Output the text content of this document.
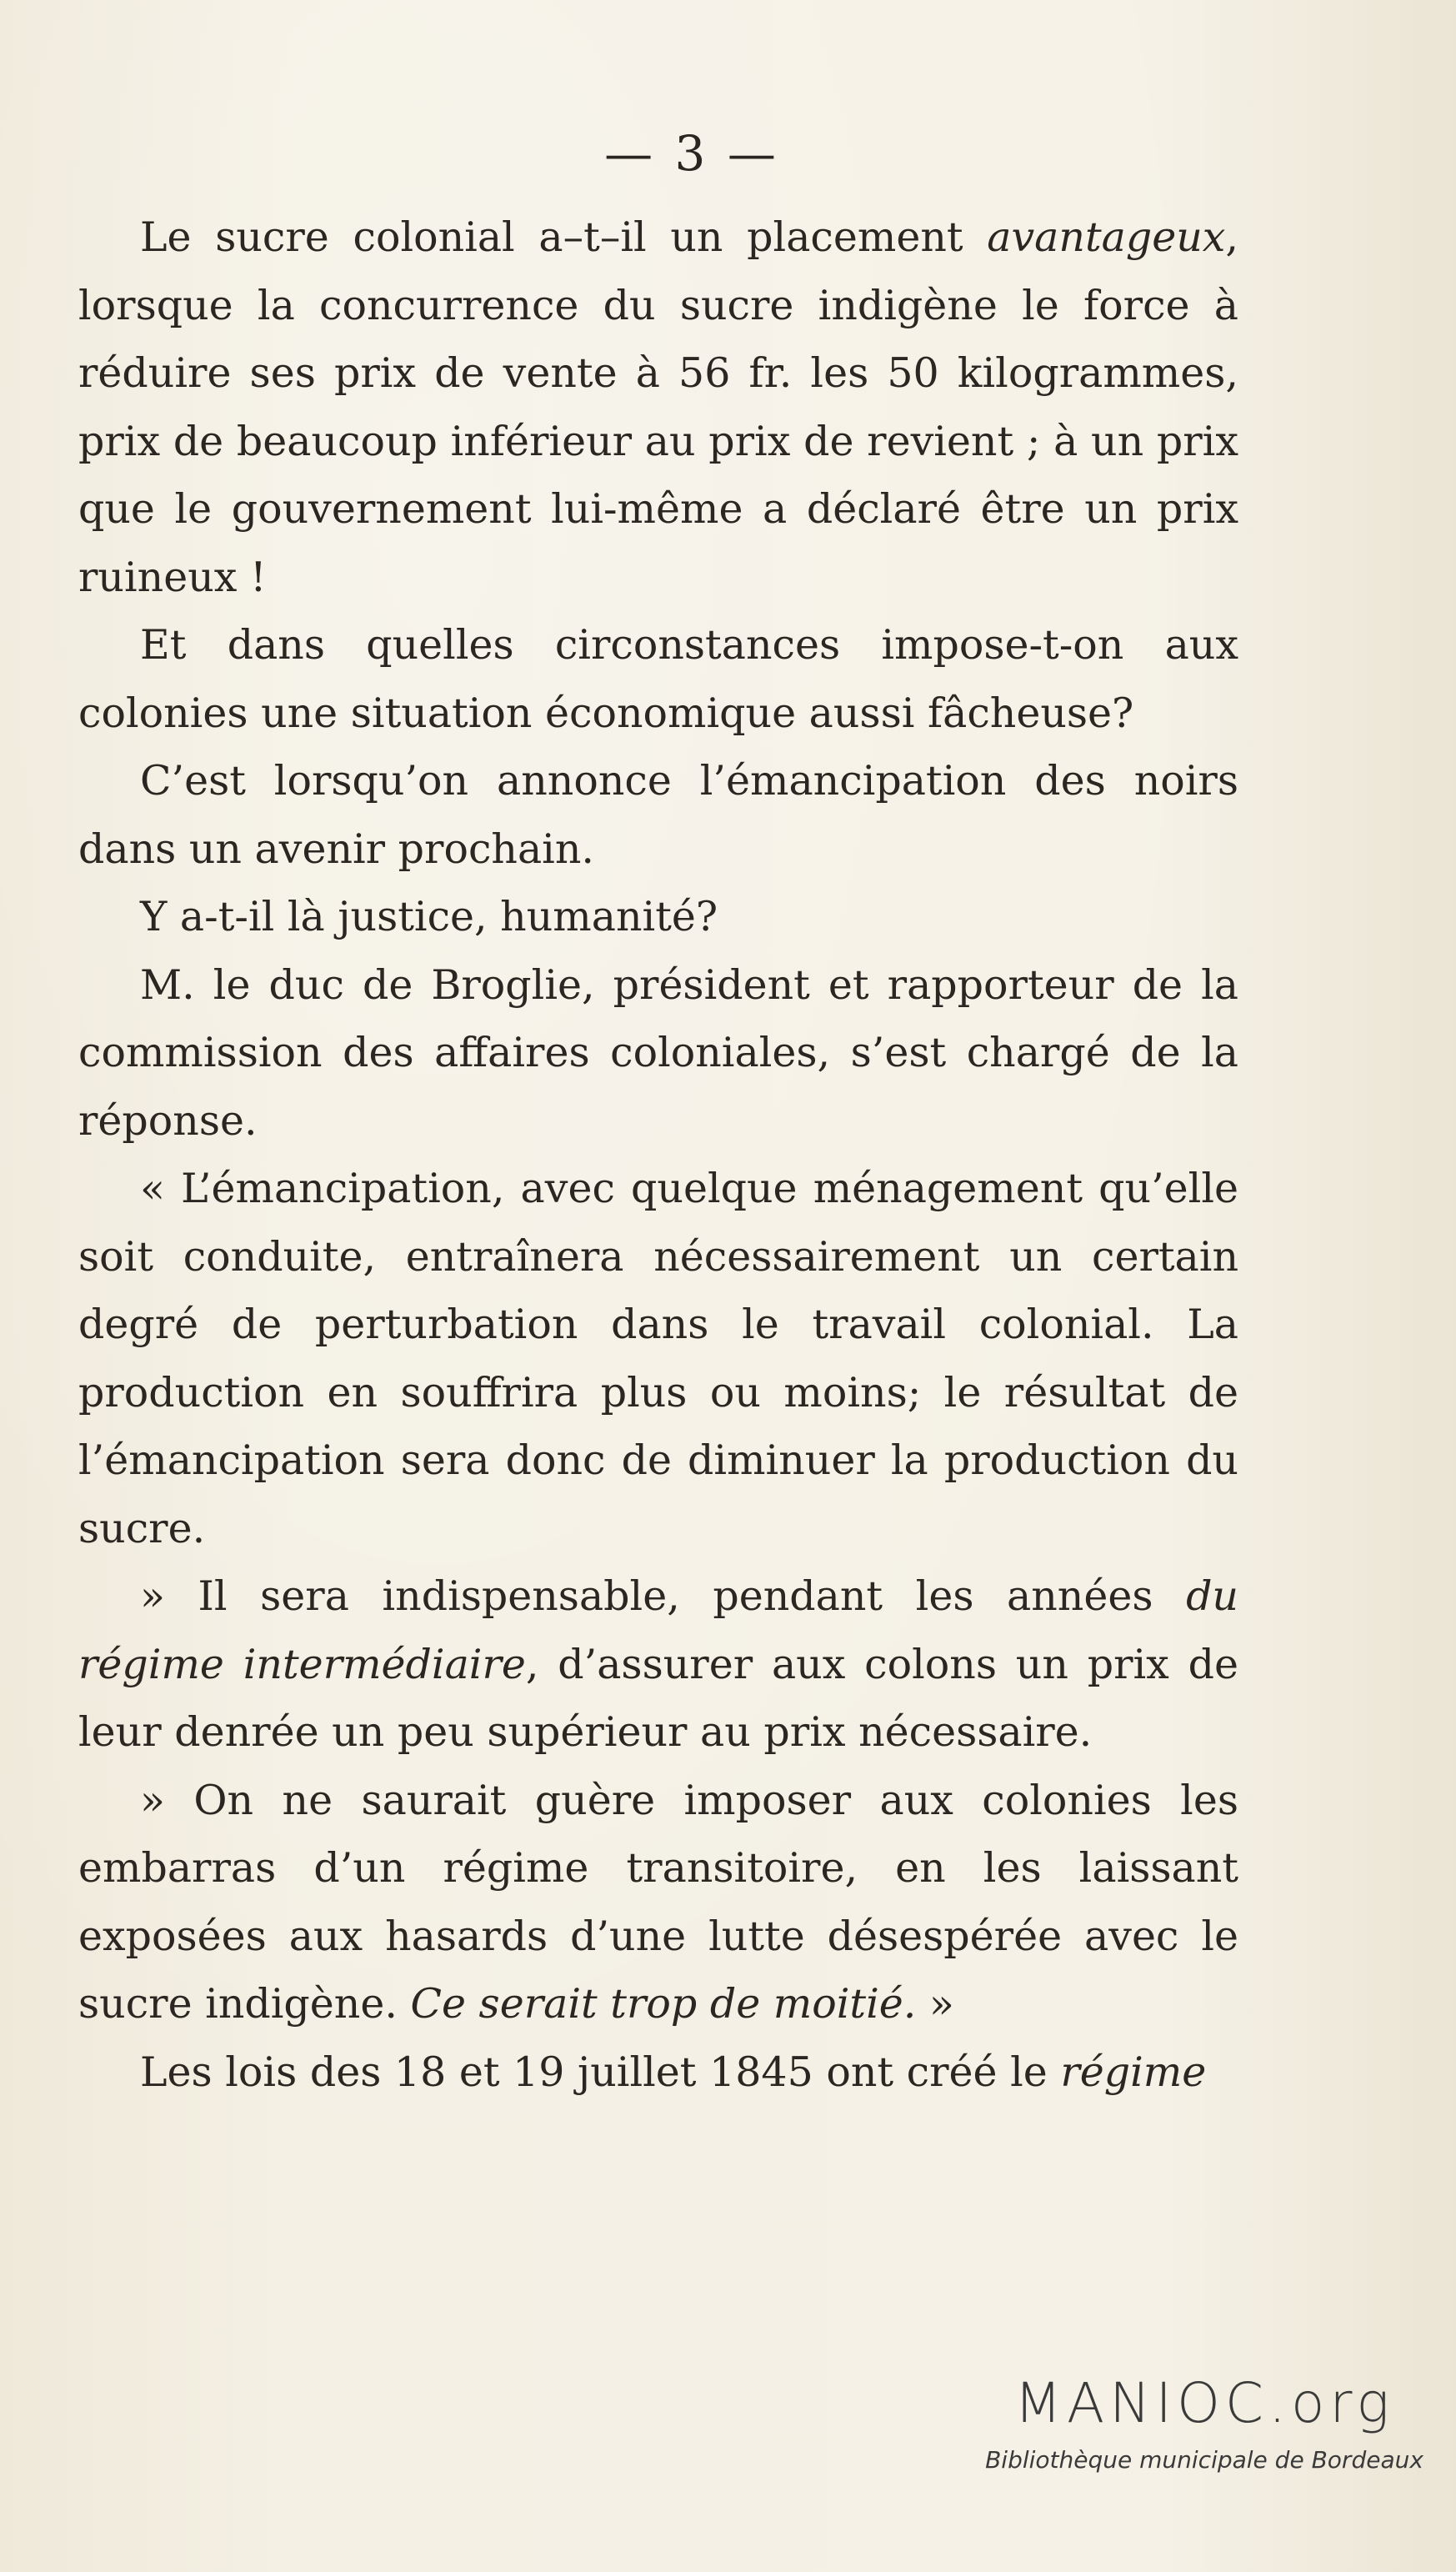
— 3 —

Le sucre colonial a–t–il un placement avantageux, lorsque la concurrence du sucre indigène le force à réduire ses prix de vente à 56 fr. les 50 kilogrammes, prix de beaucoup inférieur au prix de revient ; à un prix que le gouvernement lui-même a déclaré être un prix ruineux !

Et dans quelles circonstances impose-t-on aux colonies une situation économique aussi fâcheuse?

C’est lorsqu’on annonce l’émancipation des noirs dans un avenir prochain.

Y a-t-il là justice, humanité?

M. le duc de Broglie, président et rapporteur de la commission des affaires coloniales, s’est chargé de la réponse.

« L’émancipation, avec quelque ménagement qu’elle soit conduite, entraînera nécessairement un certain degré de perturbation dans le travail colonial. La production en souffrira plus ou moins; le résultat de l’émancipation sera donc de diminuer la production du sucre.

» Il sera indispensable, pendant les années du régime intermédiaire, d’assurer aux colons un prix de leur denrée un peu supérieur au prix nécessaire.

» On ne saurait guère imposer aux colonies les embarras d’un régime transitoire, en les laissant exposées aux hasards d’une lutte désespérée avec le sucre indigène. Ce serait trop de moitié. »

Les lois des 18 et 19 juillet 1845 ont créé le régime

MANIOC.org
Bibliothèque municipale de Bordeaux
